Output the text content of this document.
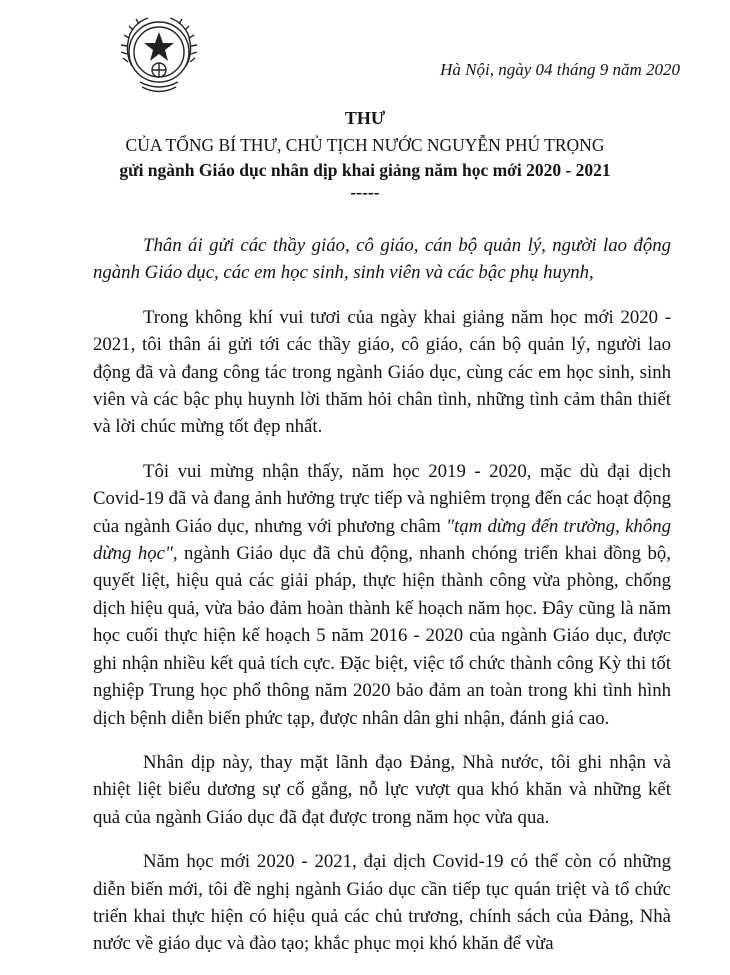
Hà Nội, ngày 04 tháng 9 năm 2020
THƯ
CỦA TỔNG BÍ THƯ, CHỦ TỊCH NƯỚC NGUYỄN PHÚ TRỌNG
gửi ngành Giáo dục nhân dịp khai giảng năm học mới 2020 - 2021
-----

Thân ái gửi các thầy giáo, cô giáo, cán bộ quản lý, người lao động ngành Giáo dục, các em học sinh, sinh viên và các bậc phụ huynh,

Trong không khí vui tươi của ngày khai giảng năm học mới 2020 - 2021, tôi thân ái gửi tới các thầy giáo, cô giáo, cán bộ quản lý, người lao động đã và đang công tác trong ngành Giáo dục, cùng các em học sinh, sinh viên và các bậc phụ huynh lời thăm hỏi chân tình, những tình cảm thân thiết và lời chúc mừng tốt đẹp nhất.

Tôi vui mừng nhận thấy, năm học 2019 - 2020, mặc dù đại dịch Covid-19 đã và đang ảnh hưởng trực tiếp và nghiêm trọng đến các hoạt động của ngành Giáo dục, nhưng với phương châm "tạm dừng đến trường, không dừng học", ngành Giáo dục đã chủ động, nhanh chóng triển khai đồng bộ, quyết liệt, hiệu quả các giải pháp, thực hiện thành công vừa phòng, chống dịch hiệu quả, vừa bảo đảm hoàn thành kế hoạch năm học. Đây cũng là năm học cuối thực hiện kế hoạch 5 năm 2016 - 2020 của ngành Giáo dục, được ghi nhận nhiều kết quả tích cực. Đặc biệt, việc tổ chức thành công Kỳ thi tốt nghiệp Trung học phổ thông năm 2020 bảo đảm an toàn trong khi tình hình dịch bệnh diễn biến phức tạp, được nhân dân ghi nhận, đánh giá cao.

Nhân dịp này, thay mặt lãnh đạo Đảng, Nhà nước, tôi ghi nhận và nhiệt liệt biểu dương sự cố gắng, nỗ lực vượt qua khó khăn và những kết quả của ngành Giáo dục đã đạt được trong năm học vừa qua.

Năm học mới 2020 - 2021, đại dịch Covid-19 có thể còn có những diễn biến mới, tôi đề nghị ngành Giáo dục cần tiếp tục quán triệt và tổ chức triển khai thực hiện có hiệu quả các chủ trương, chính sách của Đảng, Nhà nước về giáo dục và đào tạo; khắc phục mọi khó khăn để vừa
